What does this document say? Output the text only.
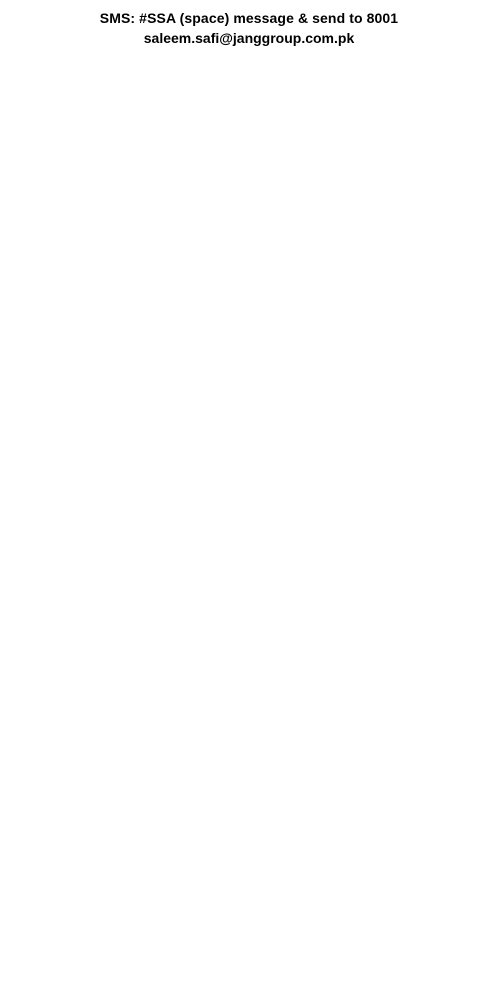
SMS: #SSA (space) message & send to 8001
saleem.safi@janggroup.com.pk
